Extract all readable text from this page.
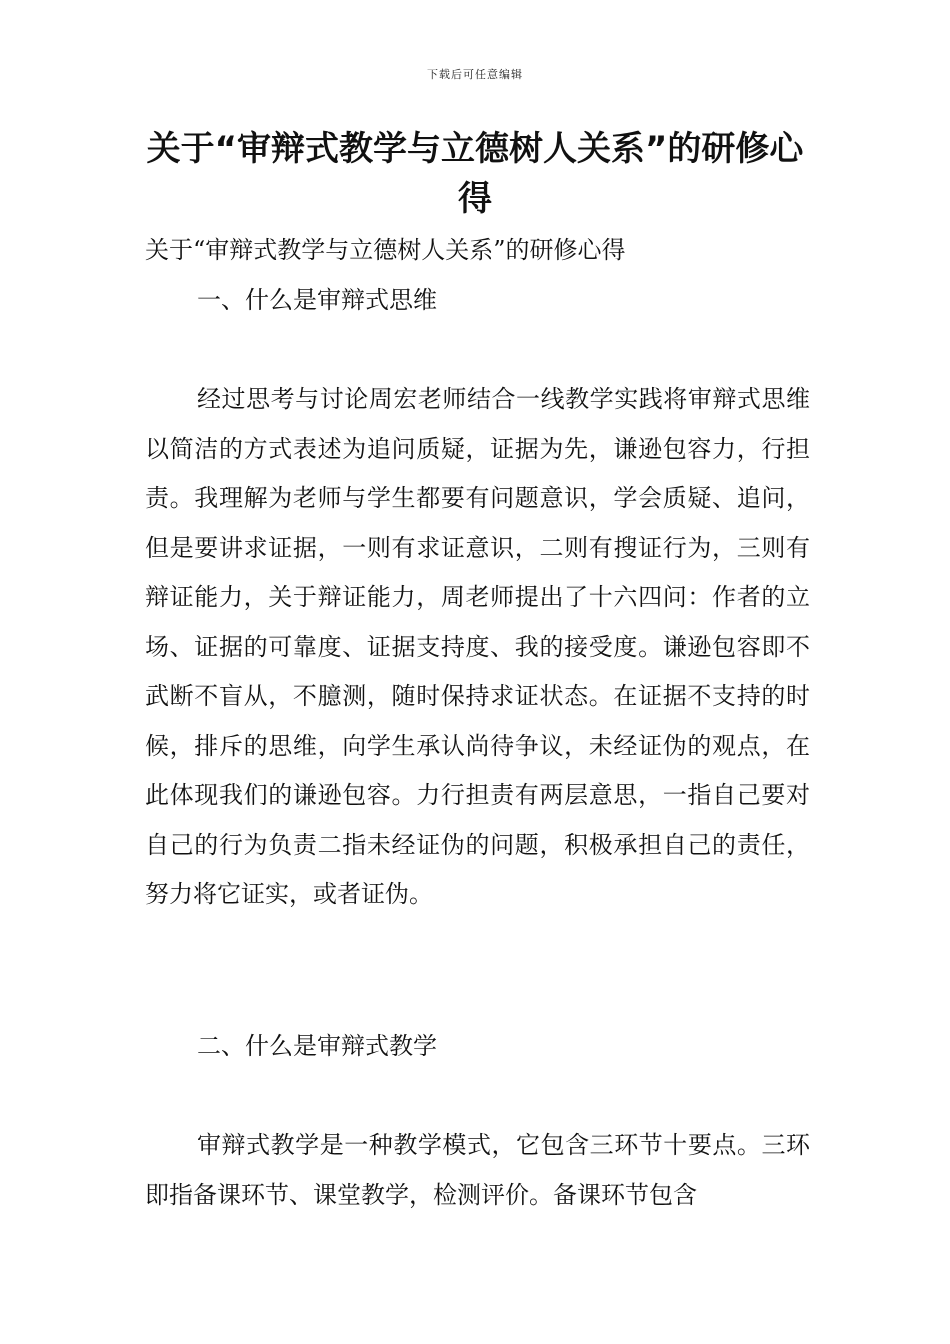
下载后可任意编辑
关于“审辩式教学与立德树人关系”的研修心得

关于“审辩式教学与立德树人关系”的研修心得

一、什么是审辩式思维

经过思考与讨论周宏老师结合一线教学实践将审辩式思维以简洁的方式表述为追问质疑，证据为先，谦逊包容力，行担责。我理解为老师与学生都要有问题意识，学会质疑、追问，但是要讲求证据，一则有求证意识，二则有搜证行为，三则有辩证能力，关于辩证能力，周老师提出了十六四问：作者的立场、证据的可靠度、证据支持度、我的接受度。谦逊包容即不武断不盲从，不臆测，随时保持求证状态。在证据不支持的时候，排斥的思维，向学生承认尚待争议，未经证伪的观点，在此体现我们的谦逊包容。力行担责有两层意思，一指自己要对自己的行为负责二指未经证伪的问题，积极承担自己的责任，努力将它证实，或者证伪。

二、什么是审辩式教学

审辩式教学是一种教学模式，它包含三环节十要点。三环即指备课环节、课堂教学，检测评价。备课环节包含
